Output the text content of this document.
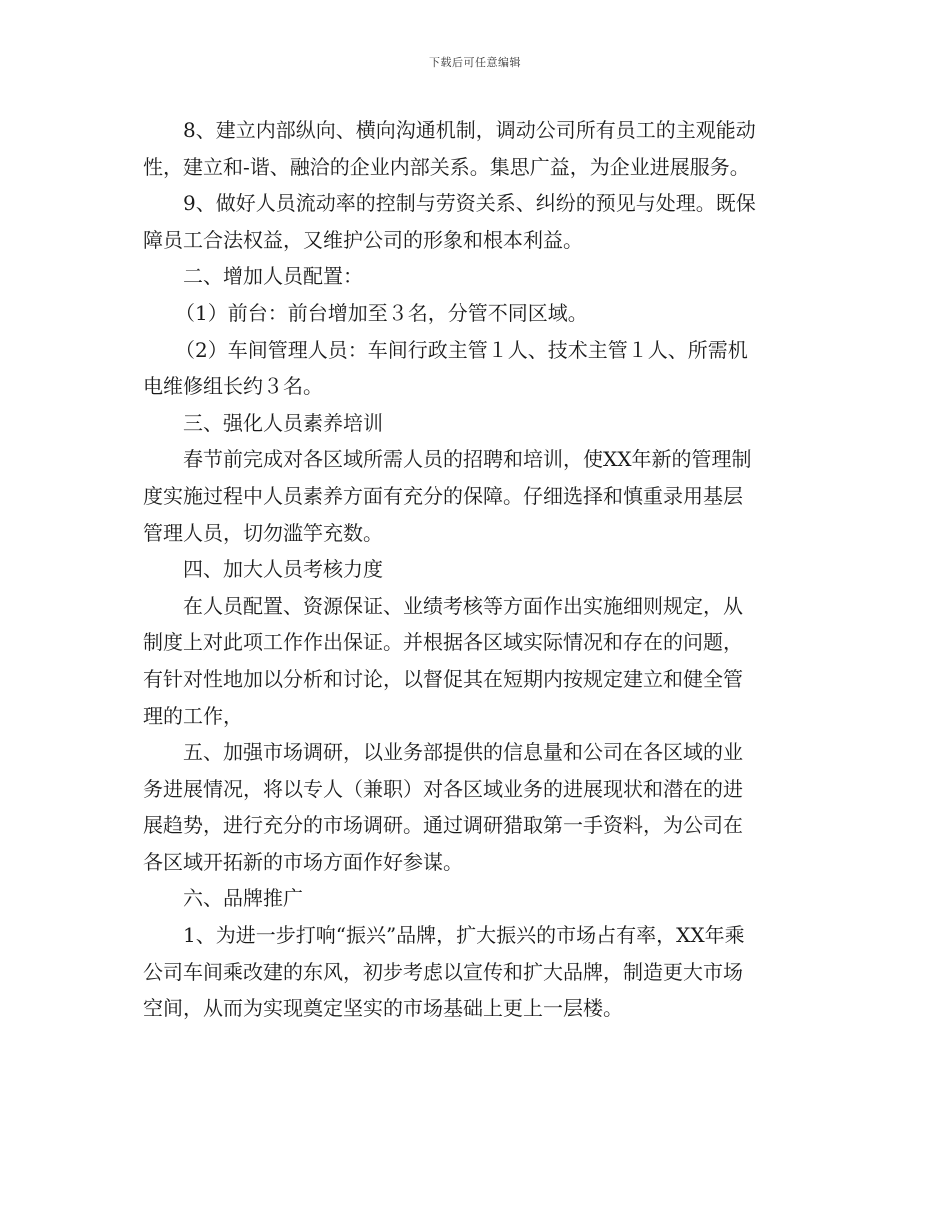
下载后可任意编辑

8、建立内部纵向、横向沟通机制，调动公司所有员工的主观能动
性，建立和-谐、融洽的企业内部关系。集思广益，为企业进展服务。

9、做好人员流动率的控制与劳资关系、纠纷的预见与处理。既保
障员工合法权益，又维护公司的形象和根本利益。

二、增加人员配置：

（1）前台：前台增加至３名，分管不同区域。

（2）车间管理人员：车间行政主管１人、技术主管１人、所需机
电维修组长约３名。

三、强化人员素养培训

春节前完成对各区域所需人员的招聘和培训，使XX年新的管理制
度实施过程中人员素养方面有充分的保障。仔细选择和慎重录用基层
管理人员，切勿滥竽充数。

四、加大人员考核力度

在人员配置、资源保证、业绩考核等方面作出实施细则规定，从
制度上对此项工作作出保证。并根据各区域实际情况和存在的问题，
有针对性地加以分析和讨论，以督促其在短期内按规定建立和健全管
理的工作，

五、加强市场调研，以业务部提供的信息量和公司在各区域的业
务进展情况，将以专人（兼职）对各区域业务的进展现状和潜在的进
展趋势，进行充分的市场调研。通过调研猎取第一手资料，为公司在
各区域开拓新的市场方面作好参谋。

六、品牌推广

1、为进一步打响“振兴”品牌，扩大振兴的市场占有率，XX年乘
公司车间乘改建的东风，初步考虑以宣传和扩大品牌，制造更大市场
空间，从而为实现奠定坚实的市场基础上更上一层楼。
